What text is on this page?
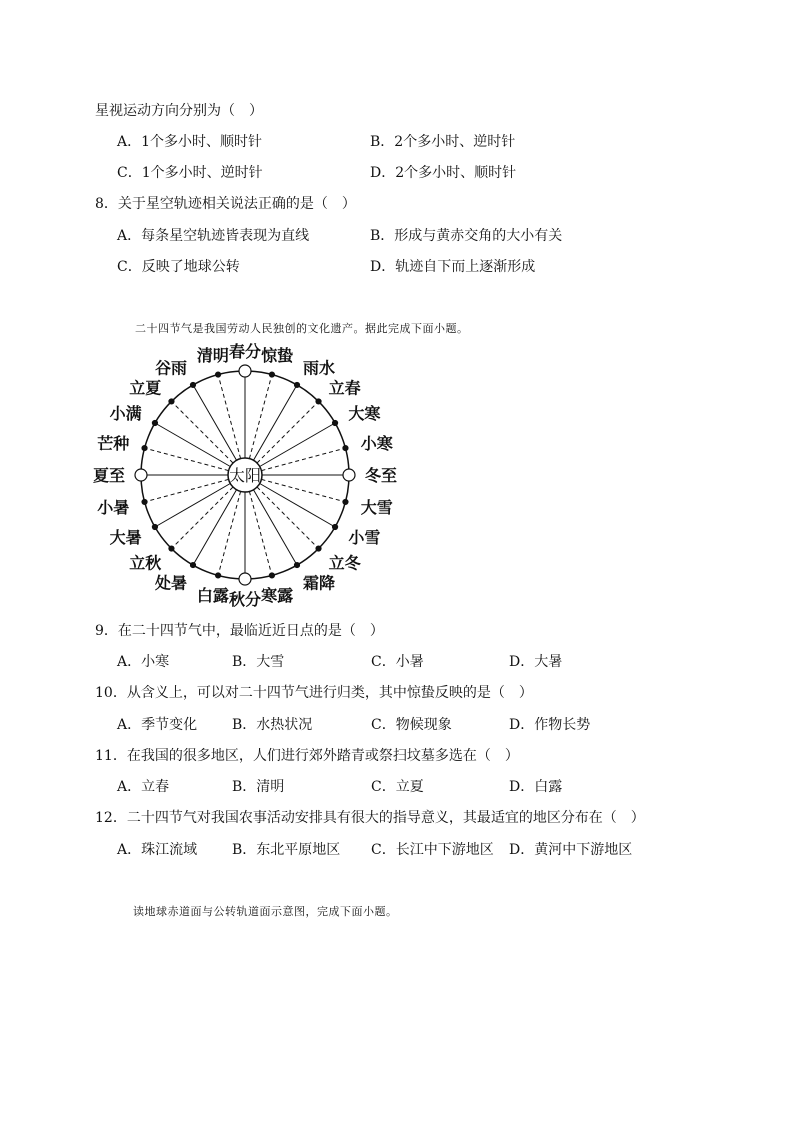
星视运动方向分别为（　）
A．1个多小时、顺时针	B．2个多小时、逆时针
C．1个多小时、逆时针	D．2个多小时、顺时针
8．关于星空轨迹相关说法正确的是（　）
A．每条星空轨迹皆表现为直线	B．形成与黄赤交角的大小有关
C．反映了地球公转	D．轨迹自下而上逐渐形成
二十四节气是我国劳动人民独创的文化遗产。据此完成下面小题。
夏至
小暑
大暑
立秋
处暑
白露 秋分 寒露
霜降
立冬
小雪
大雪
冬至
小寒
大寒
立春
雨水
惊蛰
春分
清明
谷雨
立夏
小满
芒种
太阳
9．在二十四节气中，最临近近日点的是（　）
A．小寒	B．大雪	C．小暑	D．大暑
10．从含义上，可以对二十四节气进行归类，其中惊蛰反映的是（　）
A．季节变化 B．水热状况	C．物候现象	D．作物长势
11．在我国的很多地区，人们进行郊外踏青或祭扫坟墓多选在（　）
A．立春	B．清明	C．立夏	D．白露
12．二十四节气对我国农事活动安排具有很大的指导意义，其最适宜的地区分布在（　）
A．珠江流域 B．东北平原地区 C．长江中下游地区 D．黄河中下游地区
读地球赤道面与公转轨道面示意图，完成下面小题。
